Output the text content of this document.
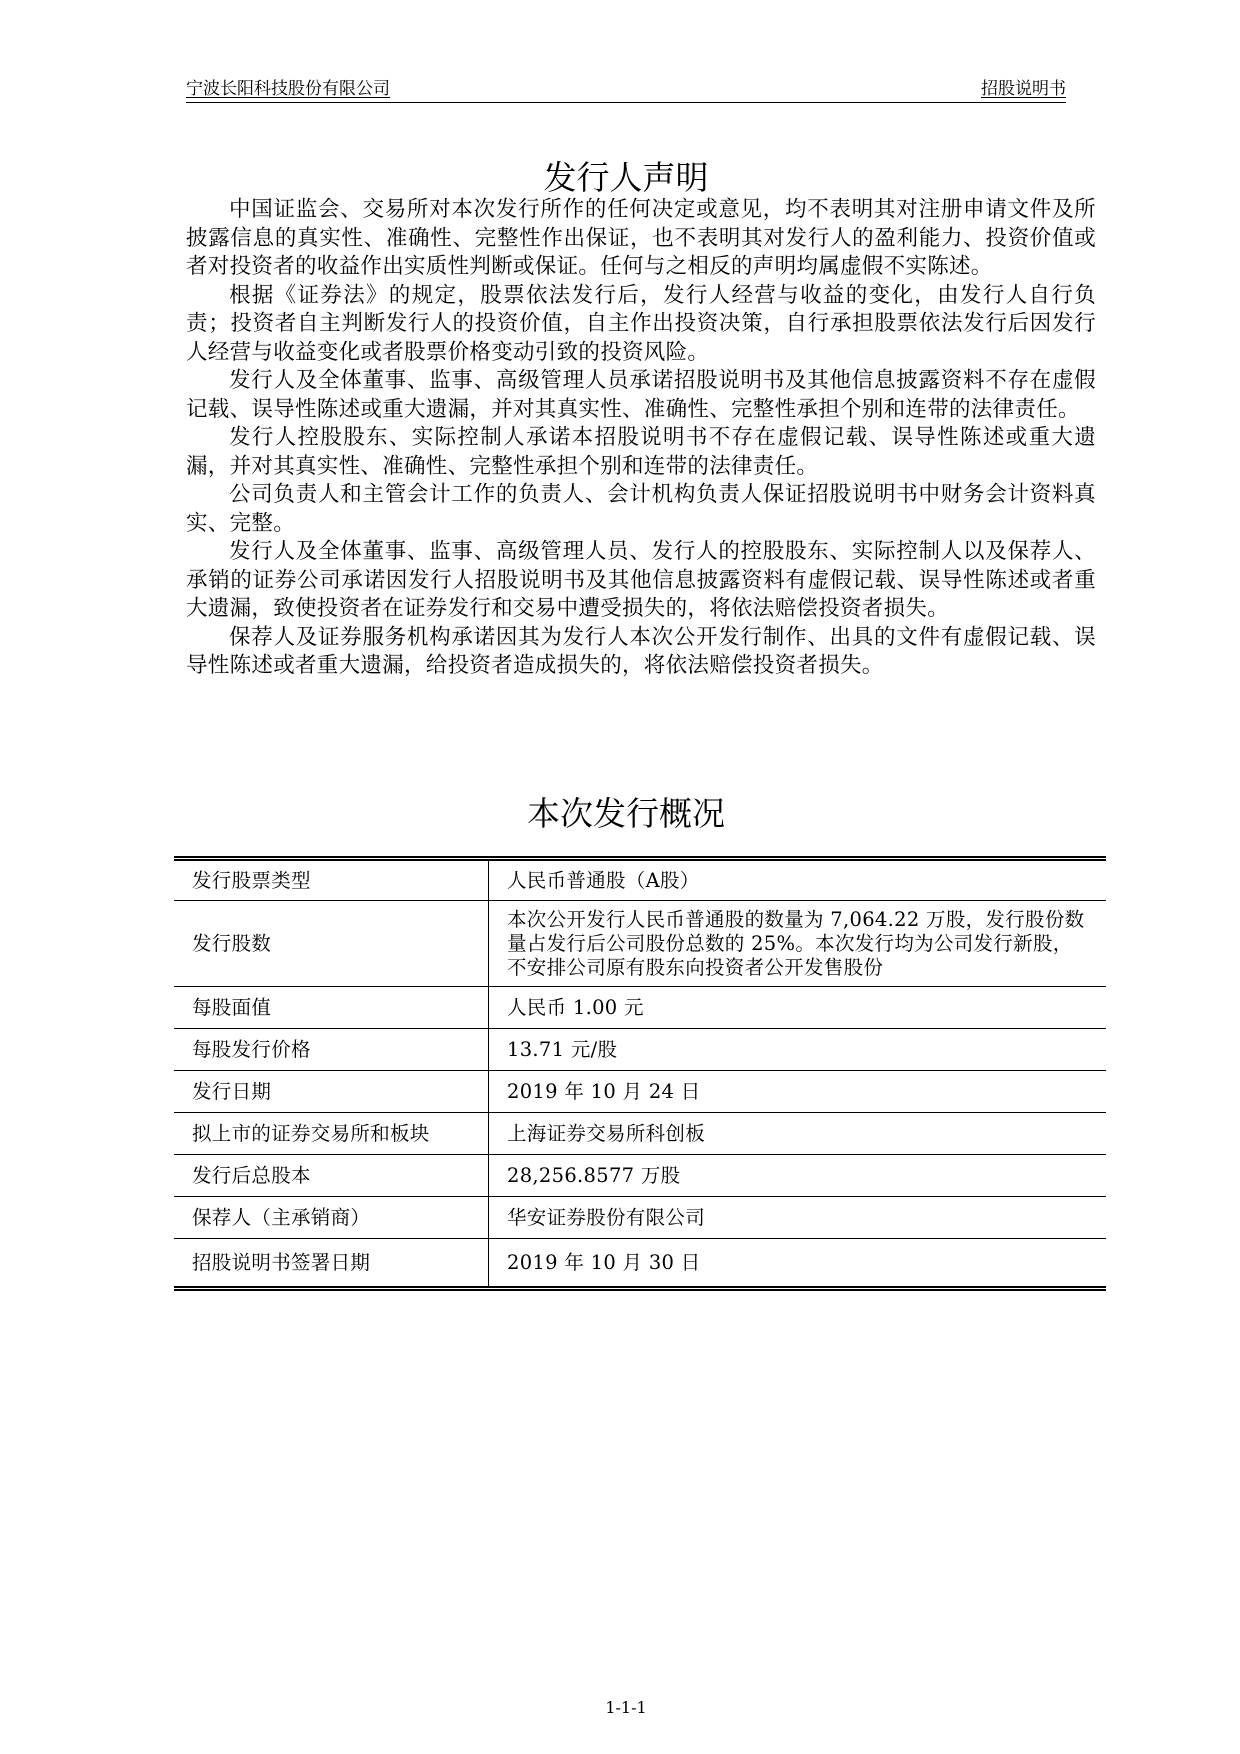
宁波长阳科技股份有限公司	招股说明书
发行人声明

中国证监会、交易所对本次发行所作的任何决定或意见，均不表明其对注册申请文件及所披露信息的真实性、准确性、完整性作出保证，也不表明其对发行人的盈利能力、投资价值或者对投资者的收益作出实质性判断或保证。任何与之相反的声明均属虚假不实陈述。

根据《证券法》的规定，股票依法发行后，发行人经营与收益的变化，由发行人自行负责；投资者自主判断发行人的投资价值，自主作出投资决策，自行承担股票依法发行后因发行人经营与收益变化或者股票价格变动引致的投资风险。

发行人及全体董事、监事、高级管理人员承诺招股说明书及其他信息披露资料不存在虚假记载、误导性陈述或重大遗漏，并对其真实性、准确性、完整性承担个别和连带的法律责任。

发行人控股股东、实际控制人承诺本招股说明书不存在虚假记载、误导性陈述或重大遗漏，并对其真实性、准确性、完整性承担个别和连带的法律责任。

公司负责人和主管会计工作的负责人、会计机构负责人保证招股说明书中财务会计资料真实、完整。

发行人及全体董事、监事、高级管理人员、发行人的控股股东、实际控制人以及保荐人、承销的证券公司承诺因发行人招股说明书及其他信息披露资料有虚假记载、误导性陈述或者重大遗漏，致使投资者在证券发行和交易中遭受损失的，将依法赔偿投资者损失。

保荐人及证券服务机构承诺因其为发行人本次公开发行制作、出具的文件有虚假记载、误导性陈述或者重大遗漏，给投资者造成损失的，将依法赔偿投资者损失。

本次发行概况
发行股票类型	人民币普通股（A股）
发行股数	本次公开发行人民币普通股的数量为 7,064.22 万股，发行股份数量占发行后公司股份总数的 25%。本次发行均为公司发行新股，不安排公司原有股东向投资者公开发售股份
每股面值	人民币 1.00 元
每股发行价格	13.71 元/股
发行日期	2019 年 10 月 24 日
拟上市的证券交易所和板块	上海证券交易所科创板
发行后总股本	28,256.8577 万股
保荐人（主承销商）	华安证券股份有限公司
招股说明书签署日期	2019 年 10 月 30 日
1-1-1
